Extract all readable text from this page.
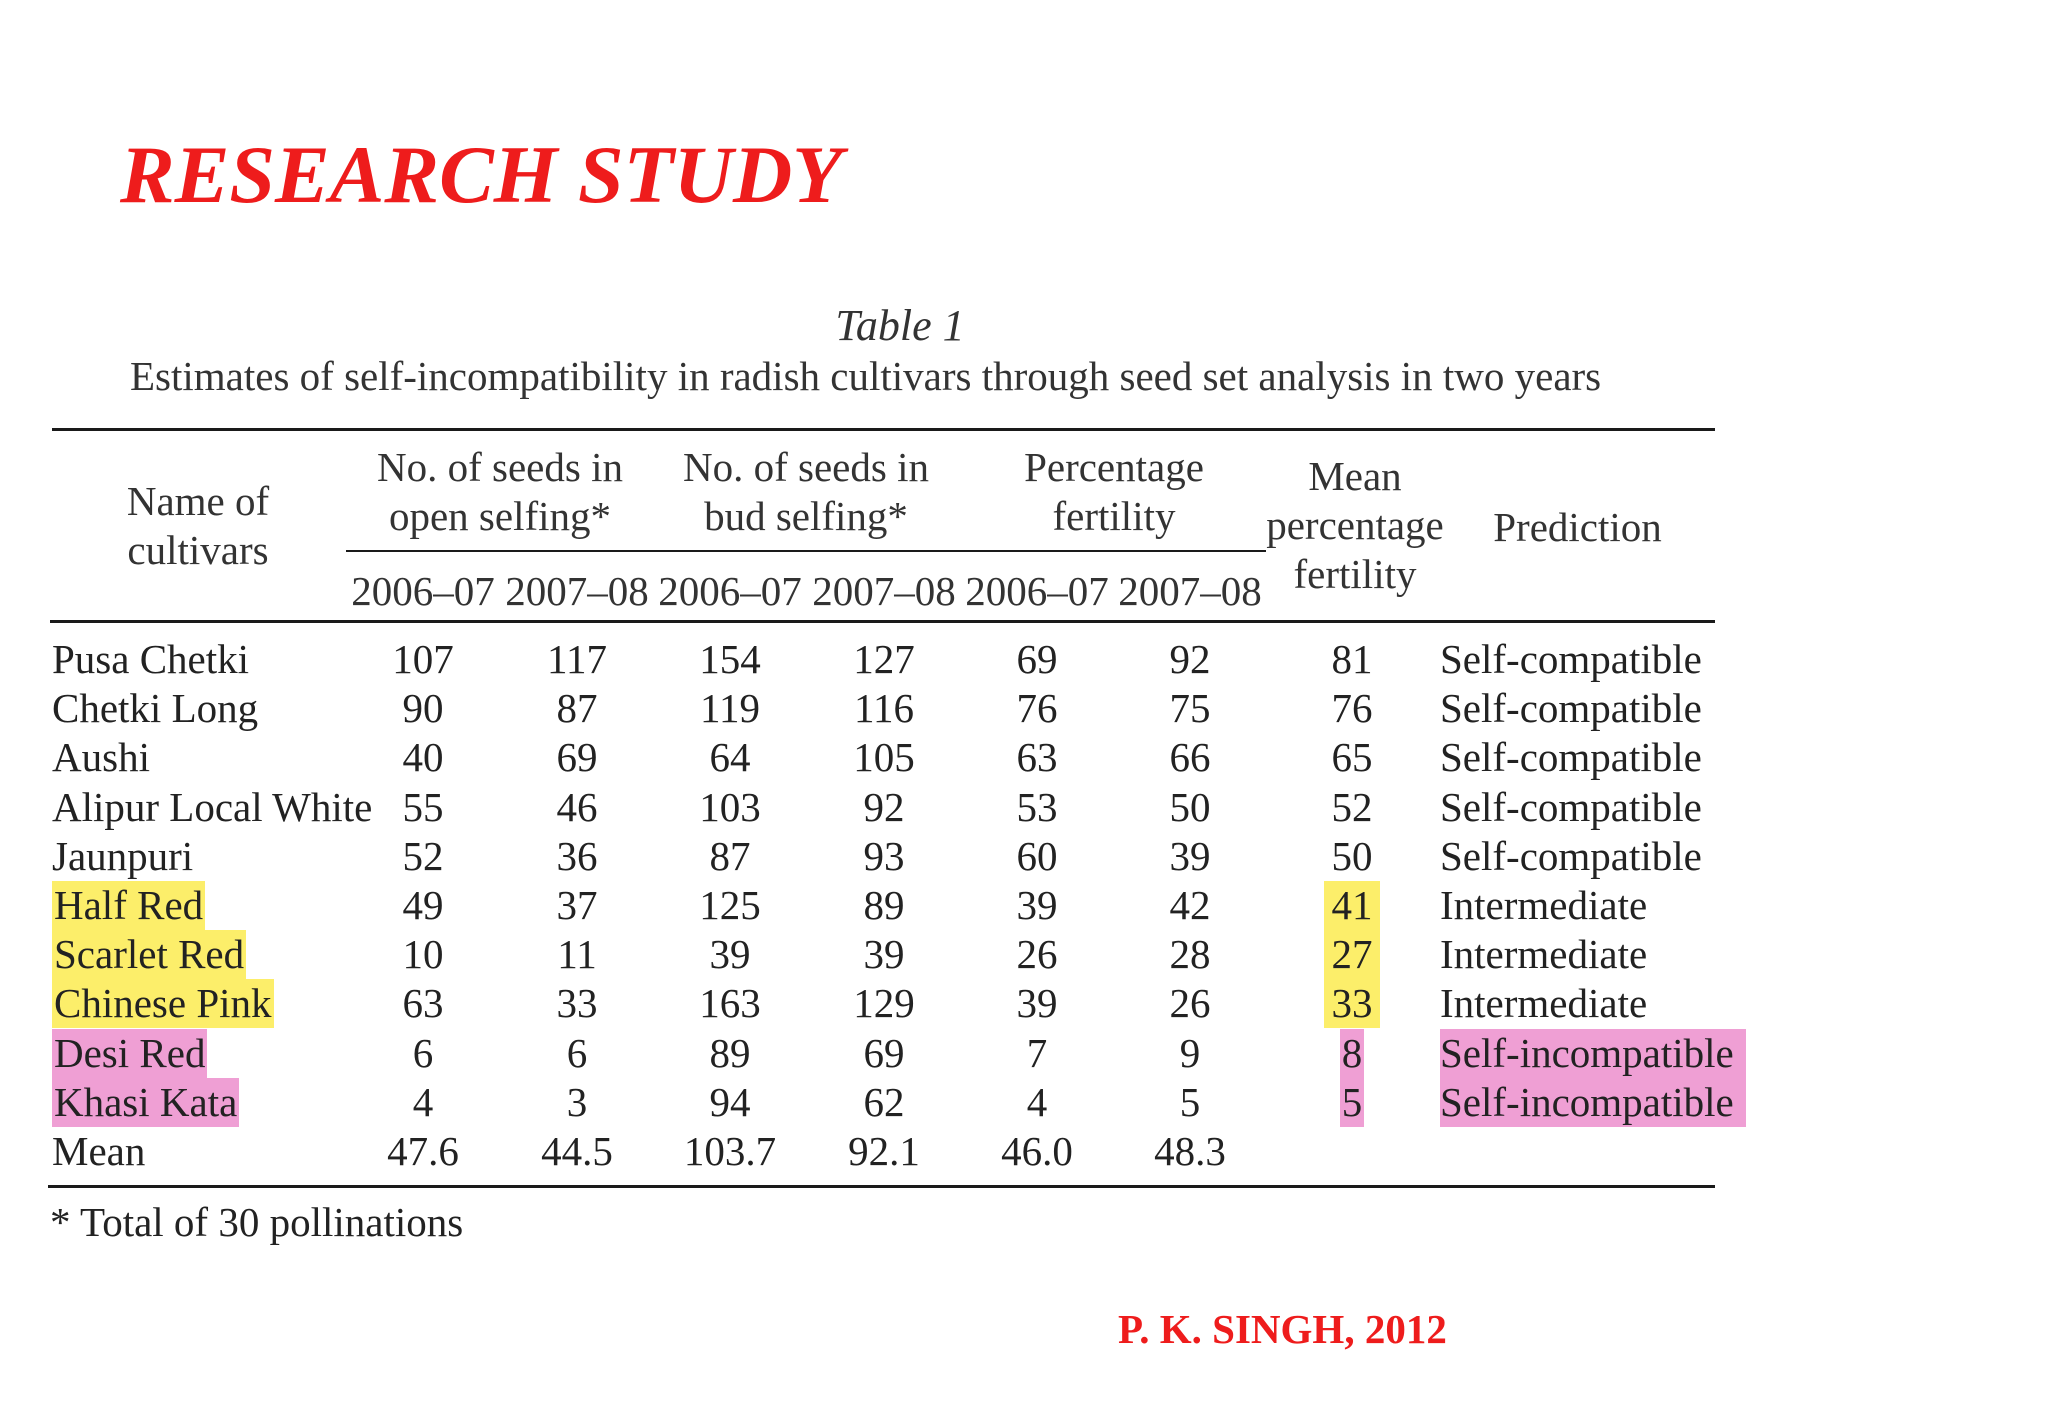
RESEARCH STUDY
Table 1
Estimates of self-incompatibility in radish cultivars through seed set analysis in two years
Name of
cultivars
No. of seeds in
open selfing*
No. of seeds in
bud selfing*
Percentage
fertility
Mean
percentage
fertility
Prediction
2006–07 2007–08 2006–07 2007–08 2006–07 2007–08
Pusa Chetki	107	117	154	127	69	92	81 Self-compatible
Chetki Long	90	87	119	116	76	75	76 Self-compatible
Aushi	40	69	64	105	63	66	65 Self-compatible
Alipur Local White 55	46	103	92	53	50	52 Self-compatible
Jaunpuri	52	36	87	93	60	39	50 Self-compatible
Half Red	49	37	125	89	39	42	41 Intermediate
Scarlet Red	10	11	39	39	26	28	27 Intermediate
Chinese Pink	63	33	163	129	39	26	33 Intermediate
Desi Red	6	6	89	69	7	9	8 Self-incompatible
Khasi Kata	4	3	94	62	4	5	5 Self-incompatible
Mean	47.6	44.5	103.7	92.1	46.0	48.3
* Total of 30 pollinations
P. K. SINGH, 2012
